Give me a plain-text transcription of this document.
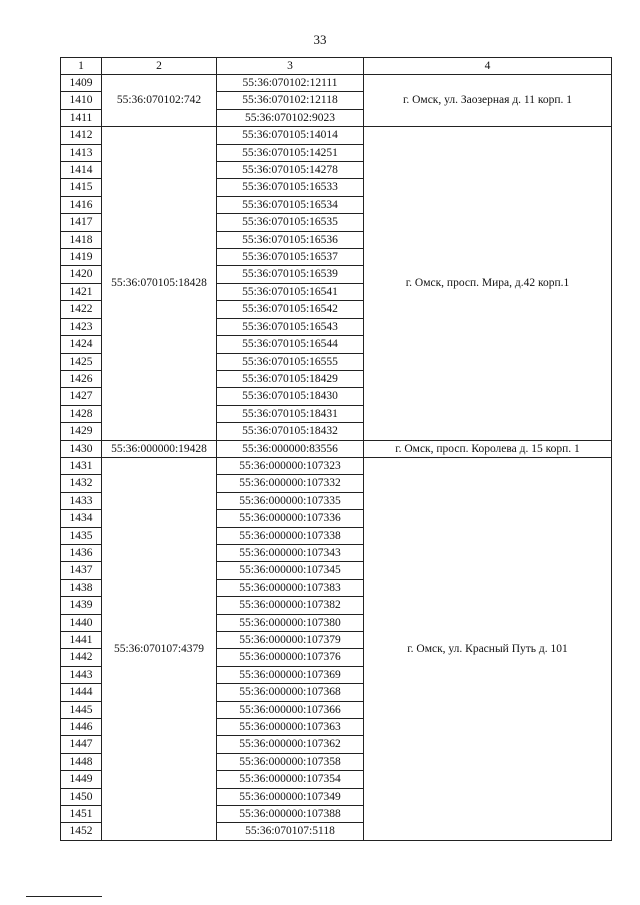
33
1	2	3	4
1409	55:36:070102:742	55:36:070102:12111	г. Омск, ул. Заозерная д. 11 корп. 1
1410		55:36:070102:12118	
1411		55:36:070102:9023	
1412	55:36:070105:18428	55:36:070105:14014	г. Омск, просп. Мира, д.42 корп.1
1413		55:36:070105:14251	
1414		55:36:070105:14278	
1415		55:36:070105:16533	
1416		55:36:070105:16534	
1417		55:36:070105:16535	
1418		55:36:070105:16536	
1419		55:36:070105:16537	
1420		55:36:070105:16539	
1421		55:36:070105:16541	
1422		55:36:070105:16542	
1423		55:36:070105:16543	
1424		55:36:070105:16544	
1425		55:36:070105:16555	
1426		55:36:070105:18429	
1427		55:36:070105:18430	
1428		55:36:070105:18431	
1429		55:36:070105:18432	
1430	55:36:000000:19428	55:36:000000:83556	г. Омск, просп. Королева д. 15 корп. 1
1431	55:36:070107:4379	55:36:000000:107323	г. Омск, ул. Красный Путь д. 101
1432		55:36:000000:107332	
1433		55:36:000000:107335	
1434		55:36:000000:107336	
1435		55:36:000000:107338	
1436		55:36:000000:107343	
1437		55:36:000000:107345	
1438		55:36:000000:107383	
1439		55:36:000000:107382	
1440		55:36:000000:107380	
1441		55:36:000000:107379	
1442		55:36:000000:107376	
1443		55:36:000000:107369	
1444		55:36:000000:107368	
1445		55:36:000000:107366	
1446		55:36:000000:107363	
1447		55:36:000000:107362	
1448		55:36:000000:107358	
1449		55:36:000000:107354	
1450		55:36:000000:107349	
1451		55:36:000000:107388	
1452		55:36:070107:5118	
